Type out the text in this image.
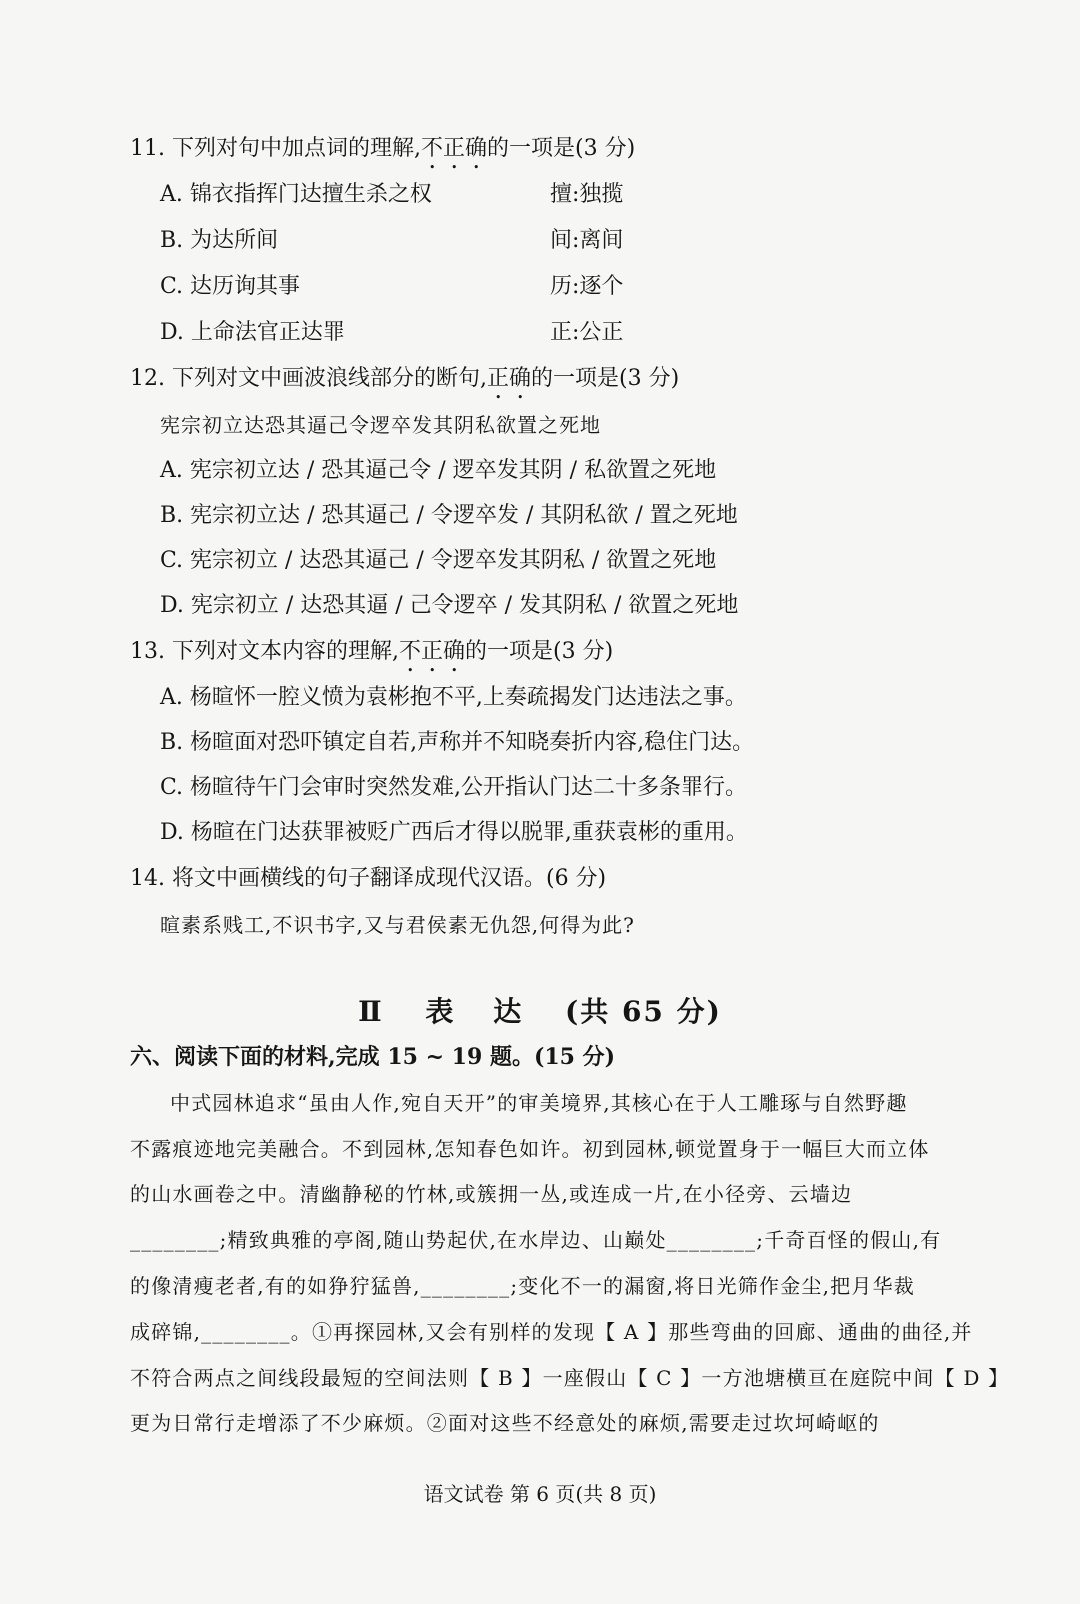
11. 下列对句中加点词的理解,不正确的一项是(3 分)
A. 锦衣指挥门达擅生杀之权	擅:独揽
B. 为达所间	间:离间
C. 达历询其事	历:逐个
D. 上命法官正达罪	正:公正
12. 下列对文中画波浪线部分的断句,正确的一项是(3 分)
宪宗初立达恐其逼己令逻卒发其阴私欲置之死地
A. 宪宗初立达 / 恐其逼己令 / 逻卒发其阴 / 私欲置之死地
B. 宪宗初立达 / 恐其逼己 / 令逻卒发 / 其阴私欲 / 置之死地
C. 宪宗初立 / 达恐其逼己 / 令逻卒发其阴私 / 欲置之死地
D. 宪宗初立 / 达恐其逼 / 己令逻卒 / 发其阴私 / 欲置之死地
13. 下列对文本内容的理解,不正确的一项是(3 分)
A. 杨暄怀一腔义愤为袁彬抱不平,上奏疏揭发门达违法之事。
B. 杨暄面对恐吓镇定自若,声称并不知晓奏折内容,稳住门达。
C. 杨暄待午门会审时突然发难,公开指认门达二十多条罪行。
D. 杨暄在门达获罪被贬广西后才得以脱罪,重获袁彬的重用。
14. 将文中画横线的句子翻译成现代汉语。(6 分)
暄素系贱工,不识书字,又与君侯素无仇怨,何得为此?
Ⅱ 表 达 (共 65 分)
六、阅读下面的材料,完成 15 ~ 19 题。(15 分)
中式园林追求“虽由人作,宛自天开”的审美境界,其核心在于人工雕琢与自然野趣
不露痕迹地完美融合。不到园林,怎知春色如许。初到园林,顿觉置身于一幅巨大而立体
的山水画卷之中。清幽静秘的竹林,或簇拥一丛,或连成一片,在小径旁、云墙边
________;精致典雅的亭阁,随山势起伏,在水岸边、山巅处________;千奇百怪的假山,有
的像清瘦老者,有的如狰狞猛兽,________;变化不一的漏窗,将日光筛作金尘,把月华裁
成碎锦,________。①再探园林,又会有别样的发现【 A 】那些弯曲的回廊、通曲的曲径,并
不符合两点之间线段最短的空间法则【 B 】一座假山【 C 】一方池塘横亘在庭院中间【 D 】
更为日常行走增添了不少麻烦。②面对这些不经意处的麻烦,需要走过坎坷崎岖的
语文试卷 第 6 页(共 8 页)
